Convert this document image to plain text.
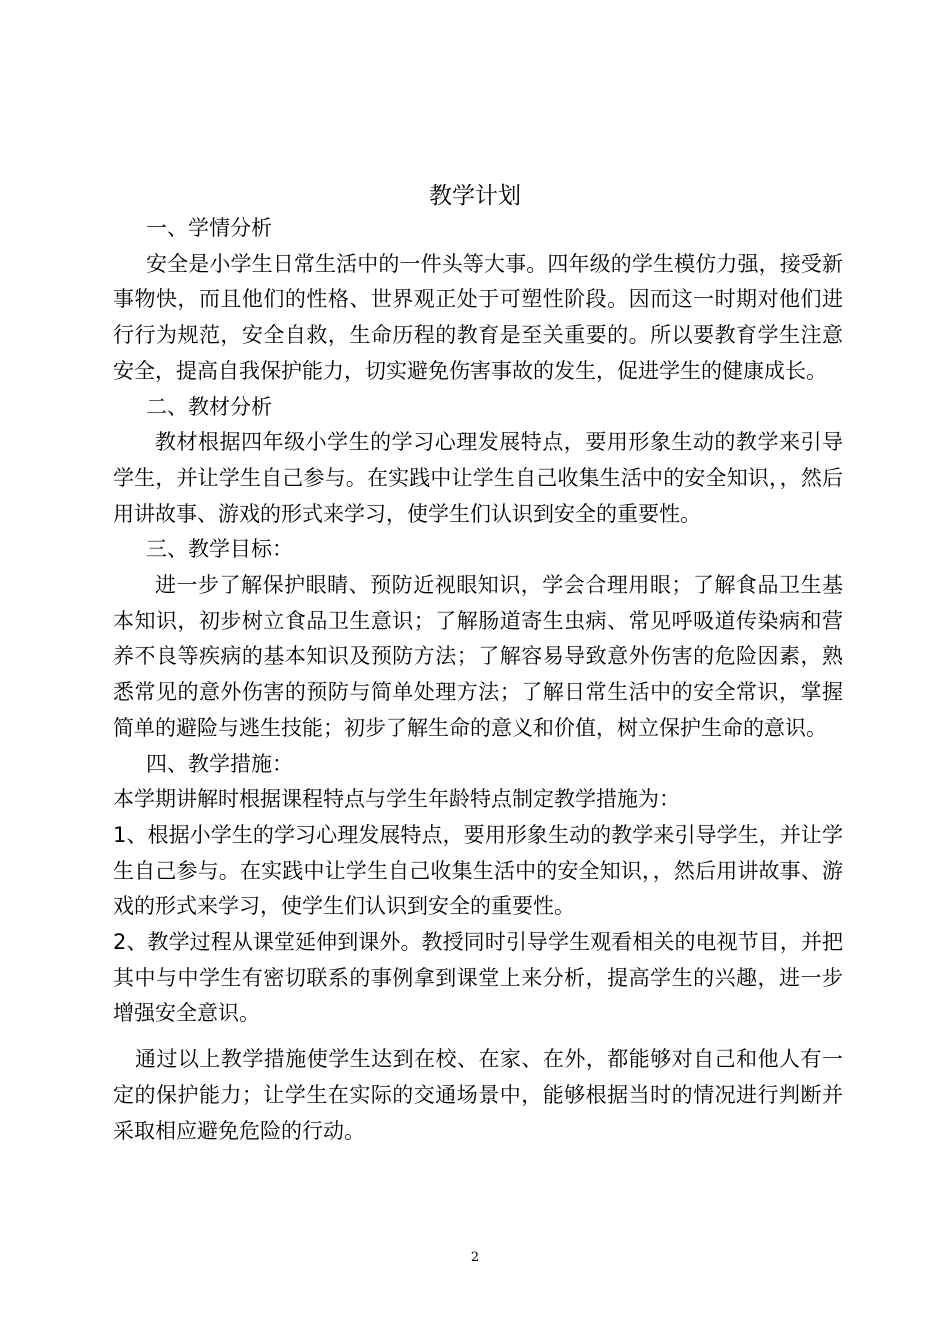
教学计划

一、学情分析

安全是小学生日常生活中的一件头等大事。四年级的学生模仿力强，接受新事物快，而且他们的性格、世界观正处于可塑性阶段。因而这一时期对他们进行行为规范，安全自救，生命历程的教育是至关重要的。所以要教育学生注意安全，提高自我保护能力，切实避免伤害事故的发生，促进学生的健康成长。

二、教材分析

教材根据四年级小学生的学习心理发展特点，要用形象生动的教学来引导学生，并让学生自己参与。在实践中让学生自己收集生活中的安全知识，，然后用讲故事、游戏的形式来学习，使学生们认识到安全的重要性。

三、教学目标：

进一步了解保护眼睛、预防近视眼知识，学会合理用眼；了解食品卫生基本知识，初步树立食品卫生意识；了解肠道寄生虫病、常见呼吸道传染病和营养不良等疾病的基本知识及预防方法；了解容易导致意外伤害的危险因素，熟悉常见的意外伤害的预防与简单处理方法；了解日常生活中的安全常识，掌握简单的避险与逃生技能；初步了解生命的意义和价值，树立保护生命的意识。

四、教学措施：

本学期讲解时根据课程特点与学生年龄特点制定教学措施为：

1、根据小学生的学习心理发展特点，要用形象生动的教学来引导学生，并让学生自己参与。在实践中让学生自己收集生活中的安全知识，，然后用讲故事、游戏的形式来学习，使学生们认识到安全的重要性。

2、教学过程从课堂延伸到课外。教授同时引导学生观看相关的电视节目，并把其中与中学生有密切联系的事例拿到课堂上来分析，提高学生的兴趣，进一步增强安全意识。

通过以上教学措施使学生达到在校、在家、在外，都能够对自己和他人有一定的保护能力；让学生在实际的交通场景中，能够根据当时的情况进行判断并采取相应避免危险的行动。

2
